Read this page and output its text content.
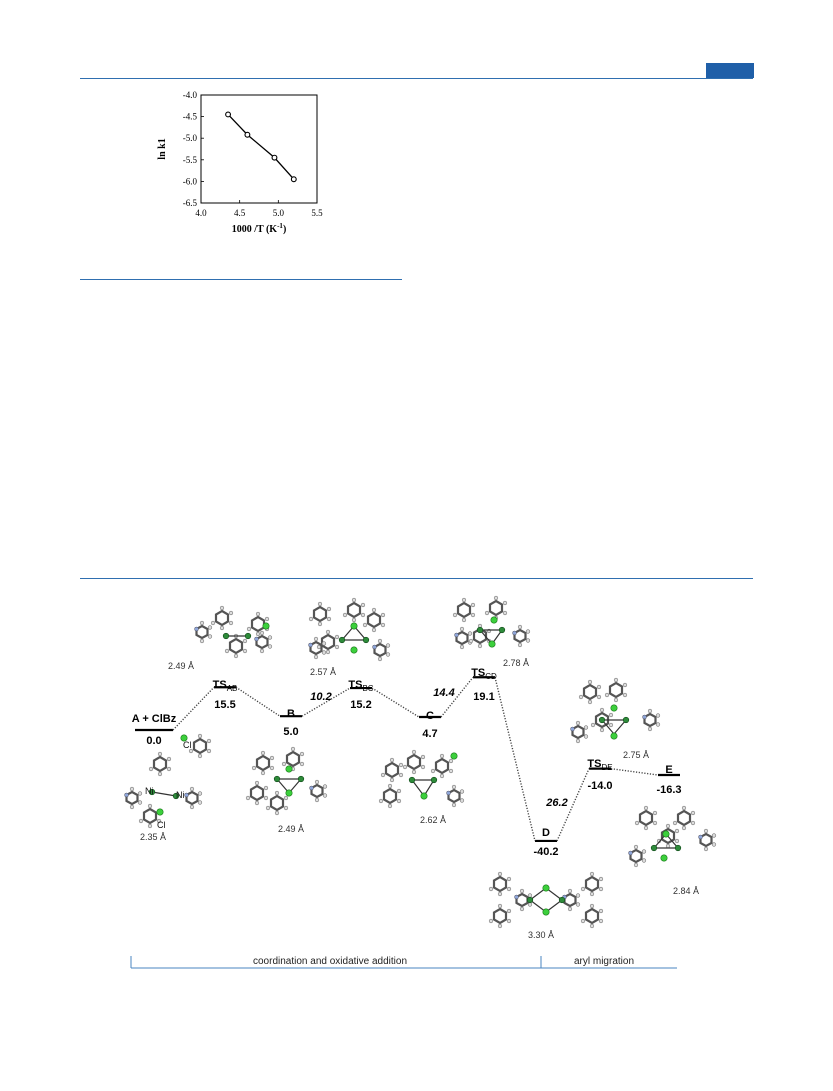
4.0	4.5	5.0	5.5
-4.0
-4.5
-5.0
-5.5
-6.0
-6.5
ln k1
1000 /T $(K^{-1})$
Cl
Ni	Ni
Cl
2.49 Å
2.35 Å
2.49 Å
2.57 Å
2.62 Å
2.78 Å
2.75 Å
2.84 Å
3.30 Å
A + ClBz
0.0
$TS_{AB}$
15.5
B
5.0
$TS_{BC}$
15.2
C
4.7
$TS_{CD}$
19.1
D
-40.2
$TS_{DE}$
-14.0
E
-16.3
10.2	14.4
26.2
coordination and oxidative addition	aryl migration
